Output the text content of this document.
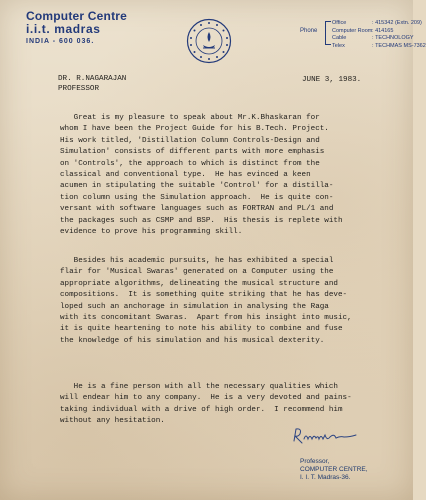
Computer Centre
i.i.t. madras
INDIA - 600 036.
Phone
Office	: 415342 (Extn. 209)
Computer Room : 414165
Cable	: TECHNOLOGY
Telex	: TECHMAS MS-7362
DR. R.NAGARAJAN
PROFESSOR
JUNE 3, 1983.

Great is my pleasure to speak about Mr.K.Bhaskaran for
whom I have been the Project Guide for his B.Tech. Project.
His work titled, 'Distillation Column Controls-Design and
Simulation' consists of different parts with more emphasis
on 'Controls', the approach to which is distinct from the
classical and conventional type.  He has evinced a keen
acumen in stipulating the suitable 'Control' for a distilla-
tion column using the Simulation approach.  He is quite con-
versant with software languages such as FORTRAN and PL/1 and
the packages such as CSMP and BSP.  His thesis is replete with
evidence to prove his programming skill.

Besides his academic pursuits, he has exhibited a special
flair for 'Musical Swaras' generated on a Computer using the
appropriate algorithms, delineating the musical structure and
compositions.  It is something quite striking that he has deve-
loped such an anchorage in simulation in analysing the Raga
with its concomitant Swaras.  Apart from his insight into music,
it is quite heartening to note his ability to combine and fuse
the knowledge of his simulation and his musical dexterity.

He is a fine person with all the necessary qualities which
will endear him to any company.  He is a very devoted and pains-
taking individual with a drive of high order.  I recommend him
without any hesitation.

Professor,
COMPUTER CENTRE,
I. I. T. Madras-36.
